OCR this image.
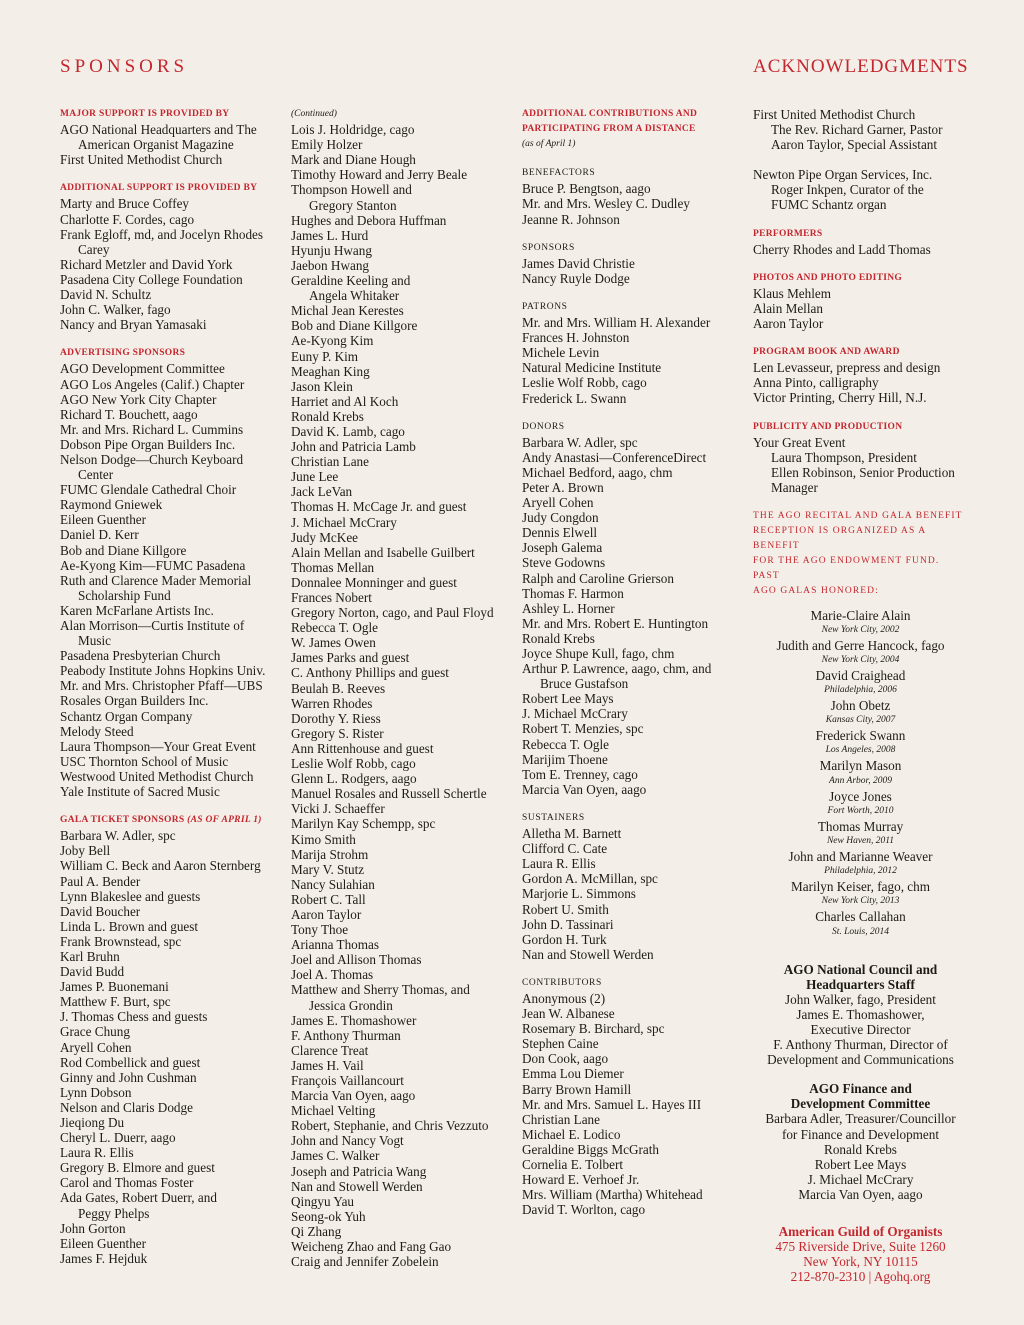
SPONSORS	ACKNOWLEDGMENTS
MAJOR SUPPORT IS PROVIDED BY
AGO National Headquarters and The
American Organist Magazine
First United Methodist Church
ADDITIONAL SUPPORT IS PROVIDED BY
Marty and Bruce Coffey
Charlotte F. Cordes, cago
Frank Egloff, md, and Jocelyn Rhodes
Carey
Richard Metzler and David York
Pasadena City College Foundation
David N. Schultz
John C. Walker, fago
Nancy and Bryan Yamasaki
ADVERTISING SPONSORS
AGO Development Committee
AGO Los Angeles (Calif.) Chapter
AGO New York City Chapter
Richard T. Bouchett, aago
Mr. and Mrs. Richard L. Cummins
Dobson Pipe Organ Builders Inc.
Nelson Dodge—Church Keyboard
Center
FUMC Glendale Cathedral Choir
Raymond Gniewek
Eileen Guenther
Daniel D. Kerr
Bob and Diane Killgore
Ae-Kyong Kim—FUMC Pasadena
Ruth and Clarence Mader Memorial
Scholarship Fund
Karen McFarlane Artists Inc.
Alan Morrison—Curtis Institute of
Music
Pasadena Presbyterian Church
Peabody Institute Johns Hopkins Univ.
Mr. and Mrs. Christopher Pfaff—UBS
Rosales Organ Builders Inc.
Schantz Organ Company
Melody Steed
Laura Thompson—Your Great Event
USC Thornton School of Music
Westwood United Methodist Church
Yale Institute of Sacred Music
GALA TICKET SPONSORS (AS OF APRIL 1)
Barbara W. Adler, spc
Joby Bell
William C. Beck and Aaron Sternberg
Paul A. Bender
Lynn Blakeslee and guests
David Boucher
Linda L. Brown and guest
Frank Brownstead, spc
Karl Bruhn
David Budd
James P. Buonemani
Matthew F. Burt, spc
J. Thomas Chess and guests
Grace Chung
Aryell Cohen
Rod Combellick and guest
Ginny and John Cushman
Lynn Dobson
Nelson and Claris Dodge
Jieqiong Du
Cheryl L. Duerr, aago
Laura R. Ellis
Gregory B. Elmore and guest
Carol and Thomas Foster
Ada Gates, Robert Duerr, and
Peggy Phelps
John Gorton
Eileen Guenther
James F. Hejduk
(Continued)
Lois J. Holdridge, cago
Emily Holzer
Mark and Diane Hough
Timothy Howard and Jerry Beale
Thompson Howell and
Gregory Stanton
Hughes and Debora Huffman
James L. Hurd
Hyunju Hwang
Jaebon Hwang
Geraldine Keeling and
Angela Whitaker
Michal Jean Kerestes
Bob and Diane Killgore
Ae-Kyong Kim
Euny P. Kim
Meaghan King
Jason Klein
Harriet and Al Koch
Ronald Krebs
David K. Lamb, cago
John and Patricia Lamb
Christian Lane
June Lee
Jack LeVan
Thomas H. McCage Jr. and guest
J. Michael McCrary
Judy McKee
Alain Mellan and Isabelle Guilbert
Thomas Mellan
Donnalee Monninger and guest
Frances Nobert
Gregory Norton, cago, and Paul Floyd
Rebecca T. Ogle
W. James Owen
James Parks and guest
C. Anthony Phillips and guest
Beulah B. Reeves
Warren Rhodes
Dorothy Y. Riess
Gregory S. Rister
Ann Rittenhouse and guest
Leslie Wolf Robb, cago
Glenn L. Rodgers, aago
Manuel Rosales and Russell Schertle
Vicki J. Schaeffer
Marilyn Kay Schempp, spc
Kimo Smith
Marija Strohm
Mary V. Stutz
Nancy Sulahian
Robert C. Tall
Aaron Taylor
Tony Thoe
Arianna Thomas
Joel and Allison Thomas
Joel A. Thomas
Matthew and Sherry Thomas, and
Jessica Grondin
James E. Thomashower
F. Anthony Thurman
Clarence Treat
James H. Vail
François Vaillancourt
Marcia Van Oyen, aago
Michael Velting
Robert, Stephanie, and Chris Vezzuto
John and Nancy Vogt
James C. Walker
Joseph and Patricia Wang
Nan and Stowell Werden
Qingyu Yau
Seong-ok Yuh
Qi Zhang
Weicheng Zhao and Fang Gao
Craig and Jennifer Zobelein
ADDITIONAL CONTRIBUTIONS AND
PARTICIPATING FROM A DISTANCE
(as of April 1)
BENEFACTORS
Bruce P. Bengtson, aago
Mr. and Mrs. Wesley C. Dudley
Jeanne R. Johnson
SPONSORS
James David Christie
Nancy Ruyle Dodge
PATRONS
Mr. and Mrs. William H. Alexander
Frances H. Johnston
Michele Levin
Natural Medicine Institute
Leslie Wolf Robb, cago
Frederick L. Swann
DONORS
Barbara W. Adler, spc
Andy Anastasi—ConferenceDirect
Michael Bedford, aago, chm
Peter A. Brown
Aryell Cohen
Judy Congdon
Dennis Elwell
Joseph Galema
Steve Godowns
Ralph and Caroline Grierson
Thomas F. Harmon
Ashley L. Horner
Mr. and Mrs. Robert E. Huntington
Ronald Krebs
Joyce Shupe Kull, fago, chm
Arthur P. Lawrence, aago, chm, and
Bruce Gustafson
Robert Lee Mays
J. Michael McCrary
Robert T. Menzies, spc
Rebecca T. Ogle
Marijim Thoene
Tom E. Trenney, cago
Marcia Van Oyen, aago
SUSTAINERS
Alletha M. Barnett
Clifford C. Cate
Laura R. Ellis
Gordon A. McMillan, spc
Marjorie L. Simmons
Robert U. Smith
John D. Tassinari
Gordon H. Turk
Nan and Stowell Werden
CONTRIBUTORS
Anonymous (2)
Jean W. Albanese
Rosemary B. Birchard, spc
Stephen Caine
Don Cook, aago
Emma Lou Diemer
Barry Brown Hamill
Mr. and Mrs. Samuel L. Hayes III
Christian Lane
Michael E. Lodico
Geraldine Biggs McGrath
Cornelia E. Tolbert
Howard E. Verhoef Jr.
Mrs. William (Martha) Whitehead
David T. Worlton, cago
First United Methodist Church
The Rev. Richard Garner, Pastor
Aaron Taylor, Special Assistant
Newton Pipe Organ Services, Inc.
Roger Inkpen, Curator of the
FUMC Schantz organ
PERFORMERS
Cherry Rhodes and Ladd Thomas
PHOTOS AND PHOTO EDITING
Klaus Mehlem
Alain Mellan
Aaron Taylor
PROGRAM BOOK AND AWARD
Len Levasseur, prepress and design
Anna Pinto, calligraphy
Victor Printing, Cherry Hill, N.J.
PUBLICITY AND PRODUCTION
Your Great Event
Laura Thompson, President
Ellen Robinson, Senior Production
Manager
THE AGO RECITAL AND GALA BENEFIT
RECEPTION IS ORGANIZED AS A BENEFIT
FOR THE AGO ENDOWMENT FUND. PAST
AGO GALAS HONORED:
Marie-Claire Alain
New York City, 2002
Judith and Gerre Hancock, fago
New York City, 2004
David Craighead
Philadelphia, 2006
John Obetz
Kansas City, 2007
Frederick Swann
Los Angeles, 2008
Marilyn Mason
Ann Arbor, 2009
Joyce Jones
Fort Worth, 2010
Thomas Murray
New Haven, 2011
John and Marianne Weaver
Philadelphia, 2012
Marilyn Keiser, fago, chm
New York City, 2013
Charles Callahan
St. Louis, 2014
AGO National Council and
Headquarters Staff
John Walker, fago, President
James E. Thomashower,
Executive Director
F. Anthony Thurman, Director of
Development and Communications
AGO Finance and
Development Committee
Barbara Adler, Treasurer/Councillor
for Finance and Development
Ronald Krebs
Robert Lee Mays
J. Michael McCrary
Marcia Van Oyen, aago
American Guild of Organists
475 Riverside Drive, Suite 1260
New York, NY 10115
212-870-2310 | Agohq.org
